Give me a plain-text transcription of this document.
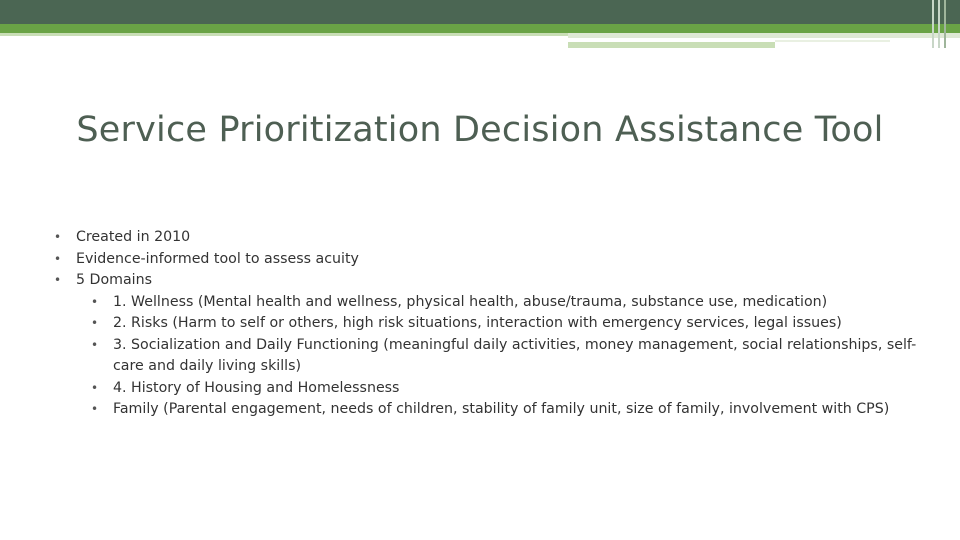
Service Prioritization Decision Assistance Tool
• Created in 2010
• Evidence-informed tool to assess acuity
• 5 Domains
• 1. Wellness (Mental health and wellness, physical health, abuse/trauma, substance use, medication)
• 2. Risks (Harm to self or others, high risk situations, interaction with emergency services, legal issues)
• 3. Socialization and Daily Functioning (meaningful daily activities, money management, social relationships, self-care and daily living skills)
• 4. History of Housing and Homelessness
• Family (Parental engagement, needs of children, stability of family unit, size of family, involvement with CPS)
